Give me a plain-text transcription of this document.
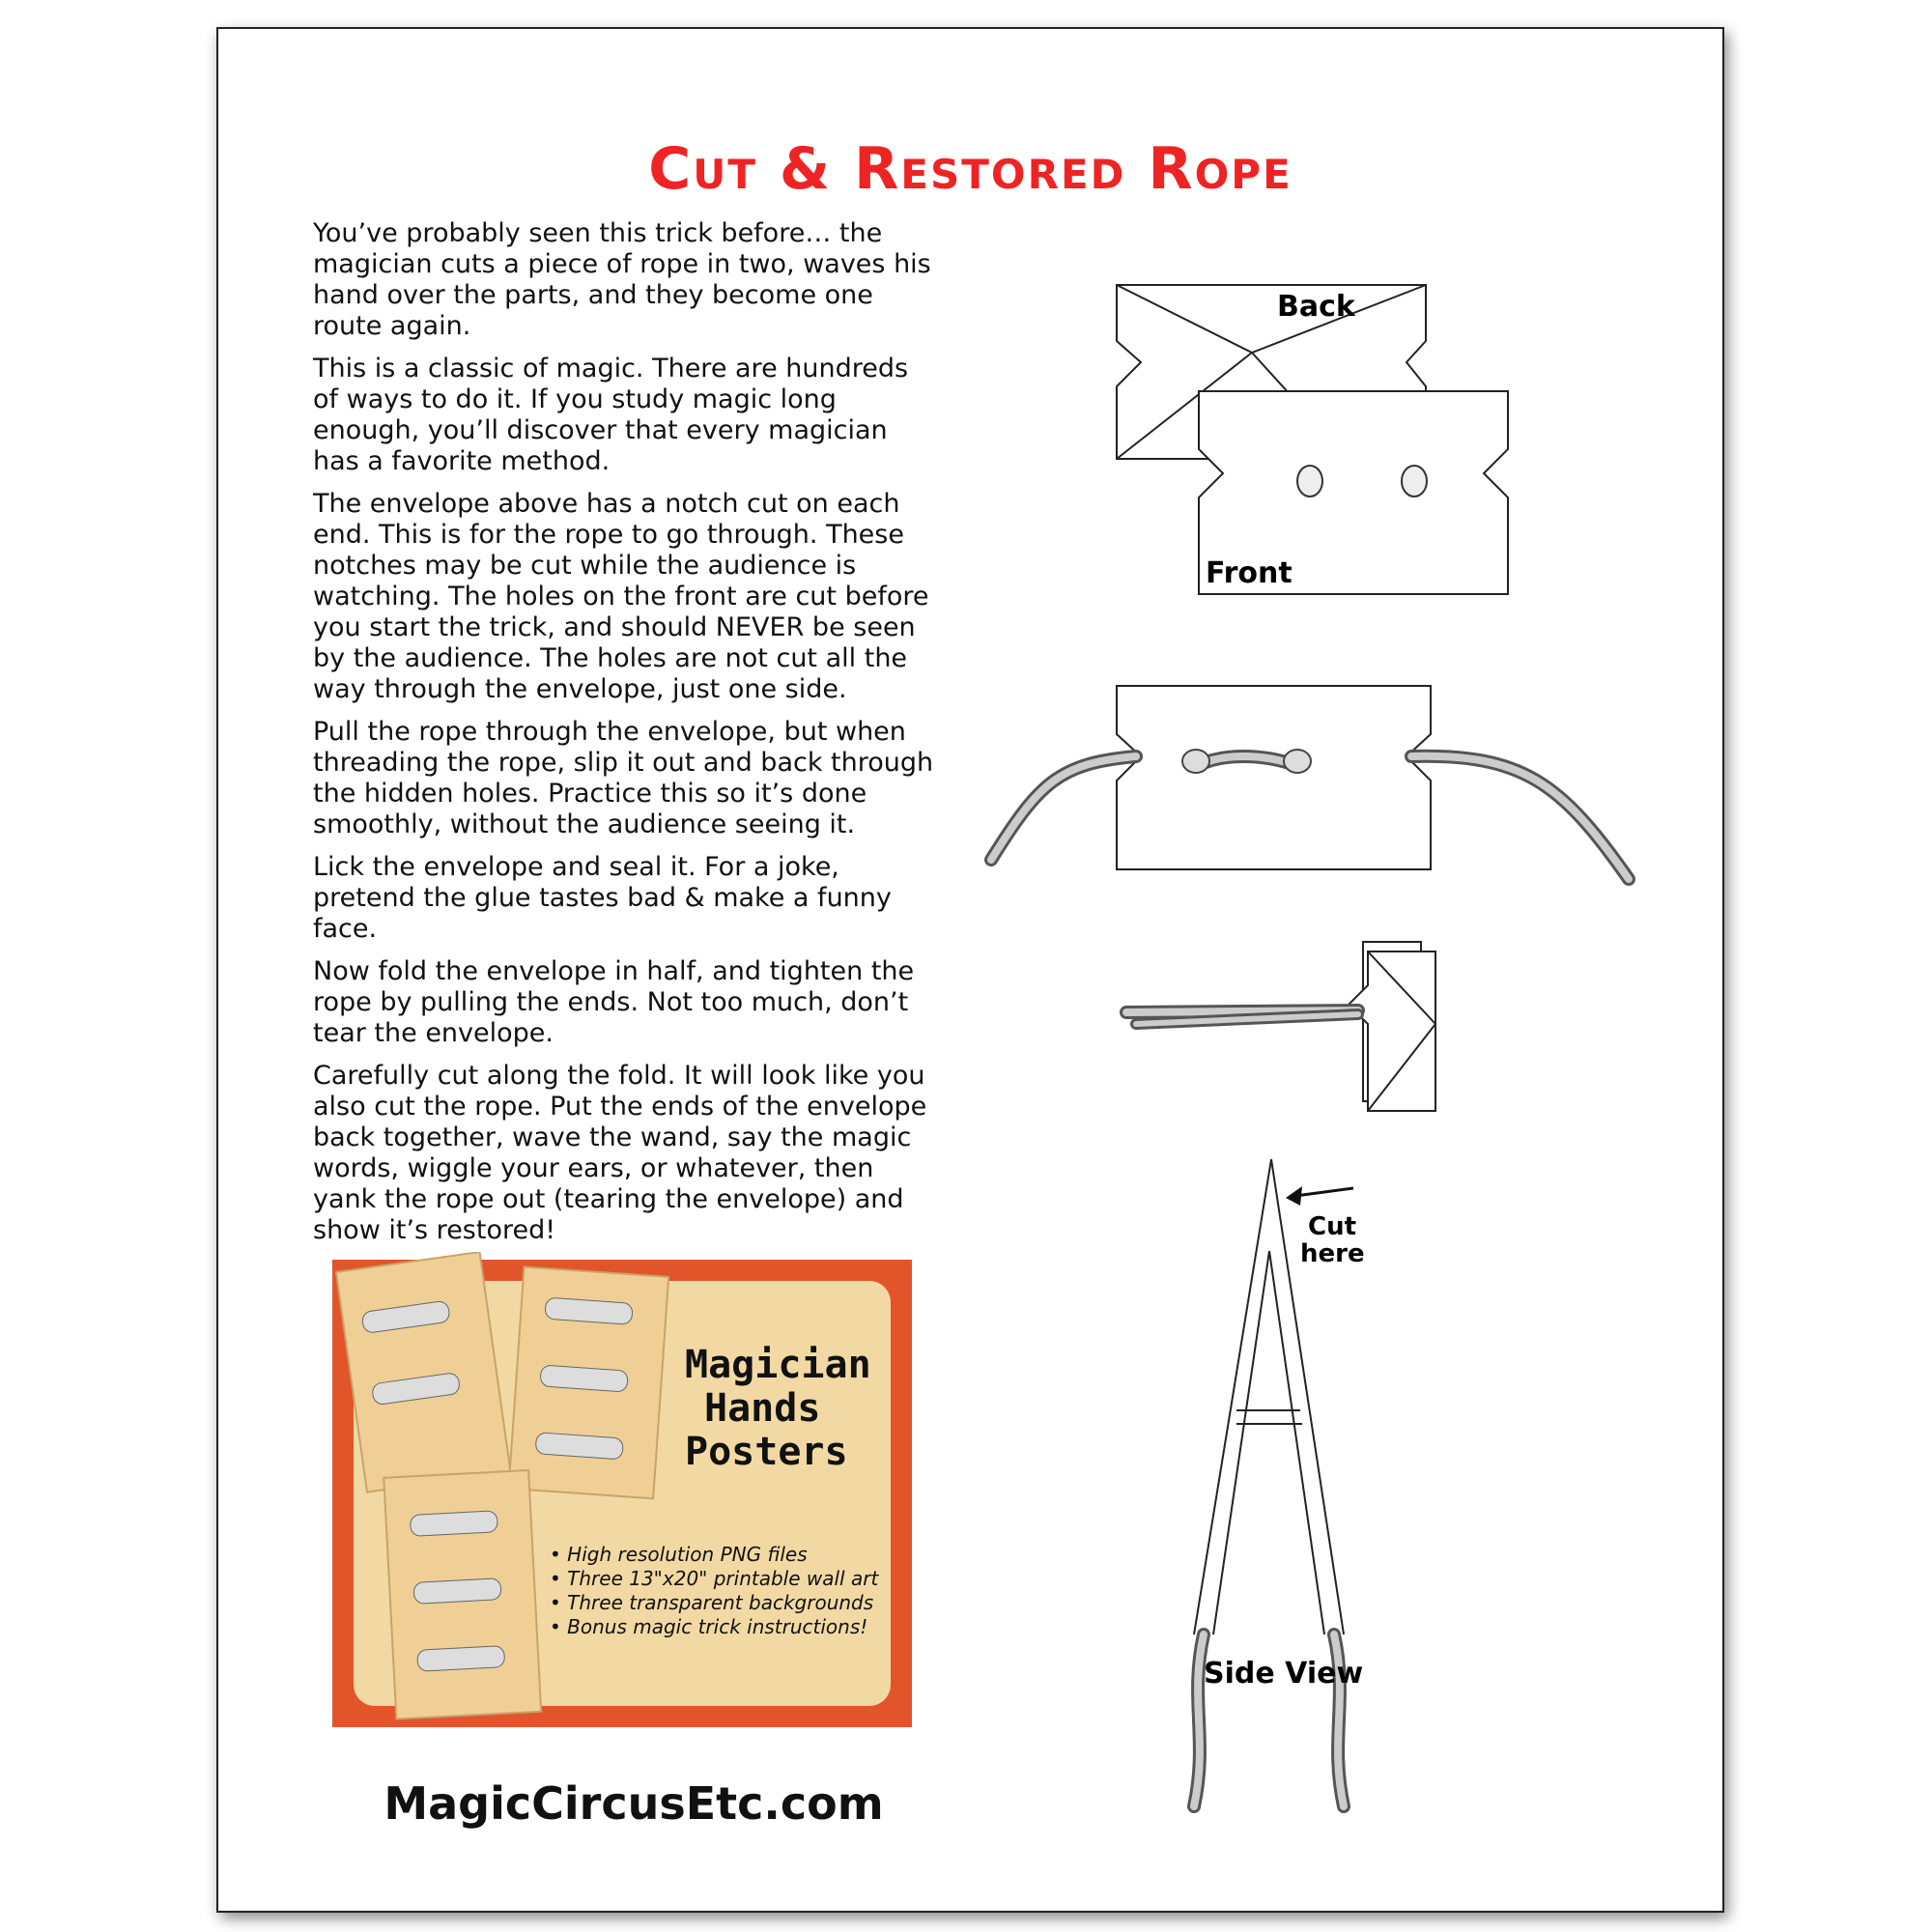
Cut & Restored Rope

You’ve probably seen this trick before… the magician cuts a piece of rope in two, waves his hand over the parts, and they become one route again.

This is a classic of magic. There are hundreds of ways to do it. If you study magic long enough, you’ll discover that every magician has a favorite method.

The envelope above has a notch cut on each end. This is for the rope to go through. These notches may be cut while the audience is watching. The holes on the front are cut before you start the trick, and should NEVER be seen by the audience. The holes are not cut all the way through the envelope, just one side.

Pull the rope through the envelope, but when threading the rope, slip it out and back through the hidden holes. Practice this so it’s done smoothly, without the audience seeing it.

Lick the envelope and seal it. For a joke, pretend the glue tastes bad & make a funny face.

Now fold the envelope in half, and tighten the rope by pulling the ends. Not too much, don’t tear the envelope.

Carefully cut along the fold. It will look like you also cut the rope. Put the ends of the envelope back together, wave the wand, say the magic words, wiggle your ears, or whatever, then yank the rope out (tearing the envelope) and show it’s restored!

Back
Front
Cut
here
Side View
Magician
Hands
Posters
• High resolution PNG files
• Three 13"x20" printable wall art
• Three transparent backgrounds
• Bonus magic trick instructions!
MagicCircusEtc.com
